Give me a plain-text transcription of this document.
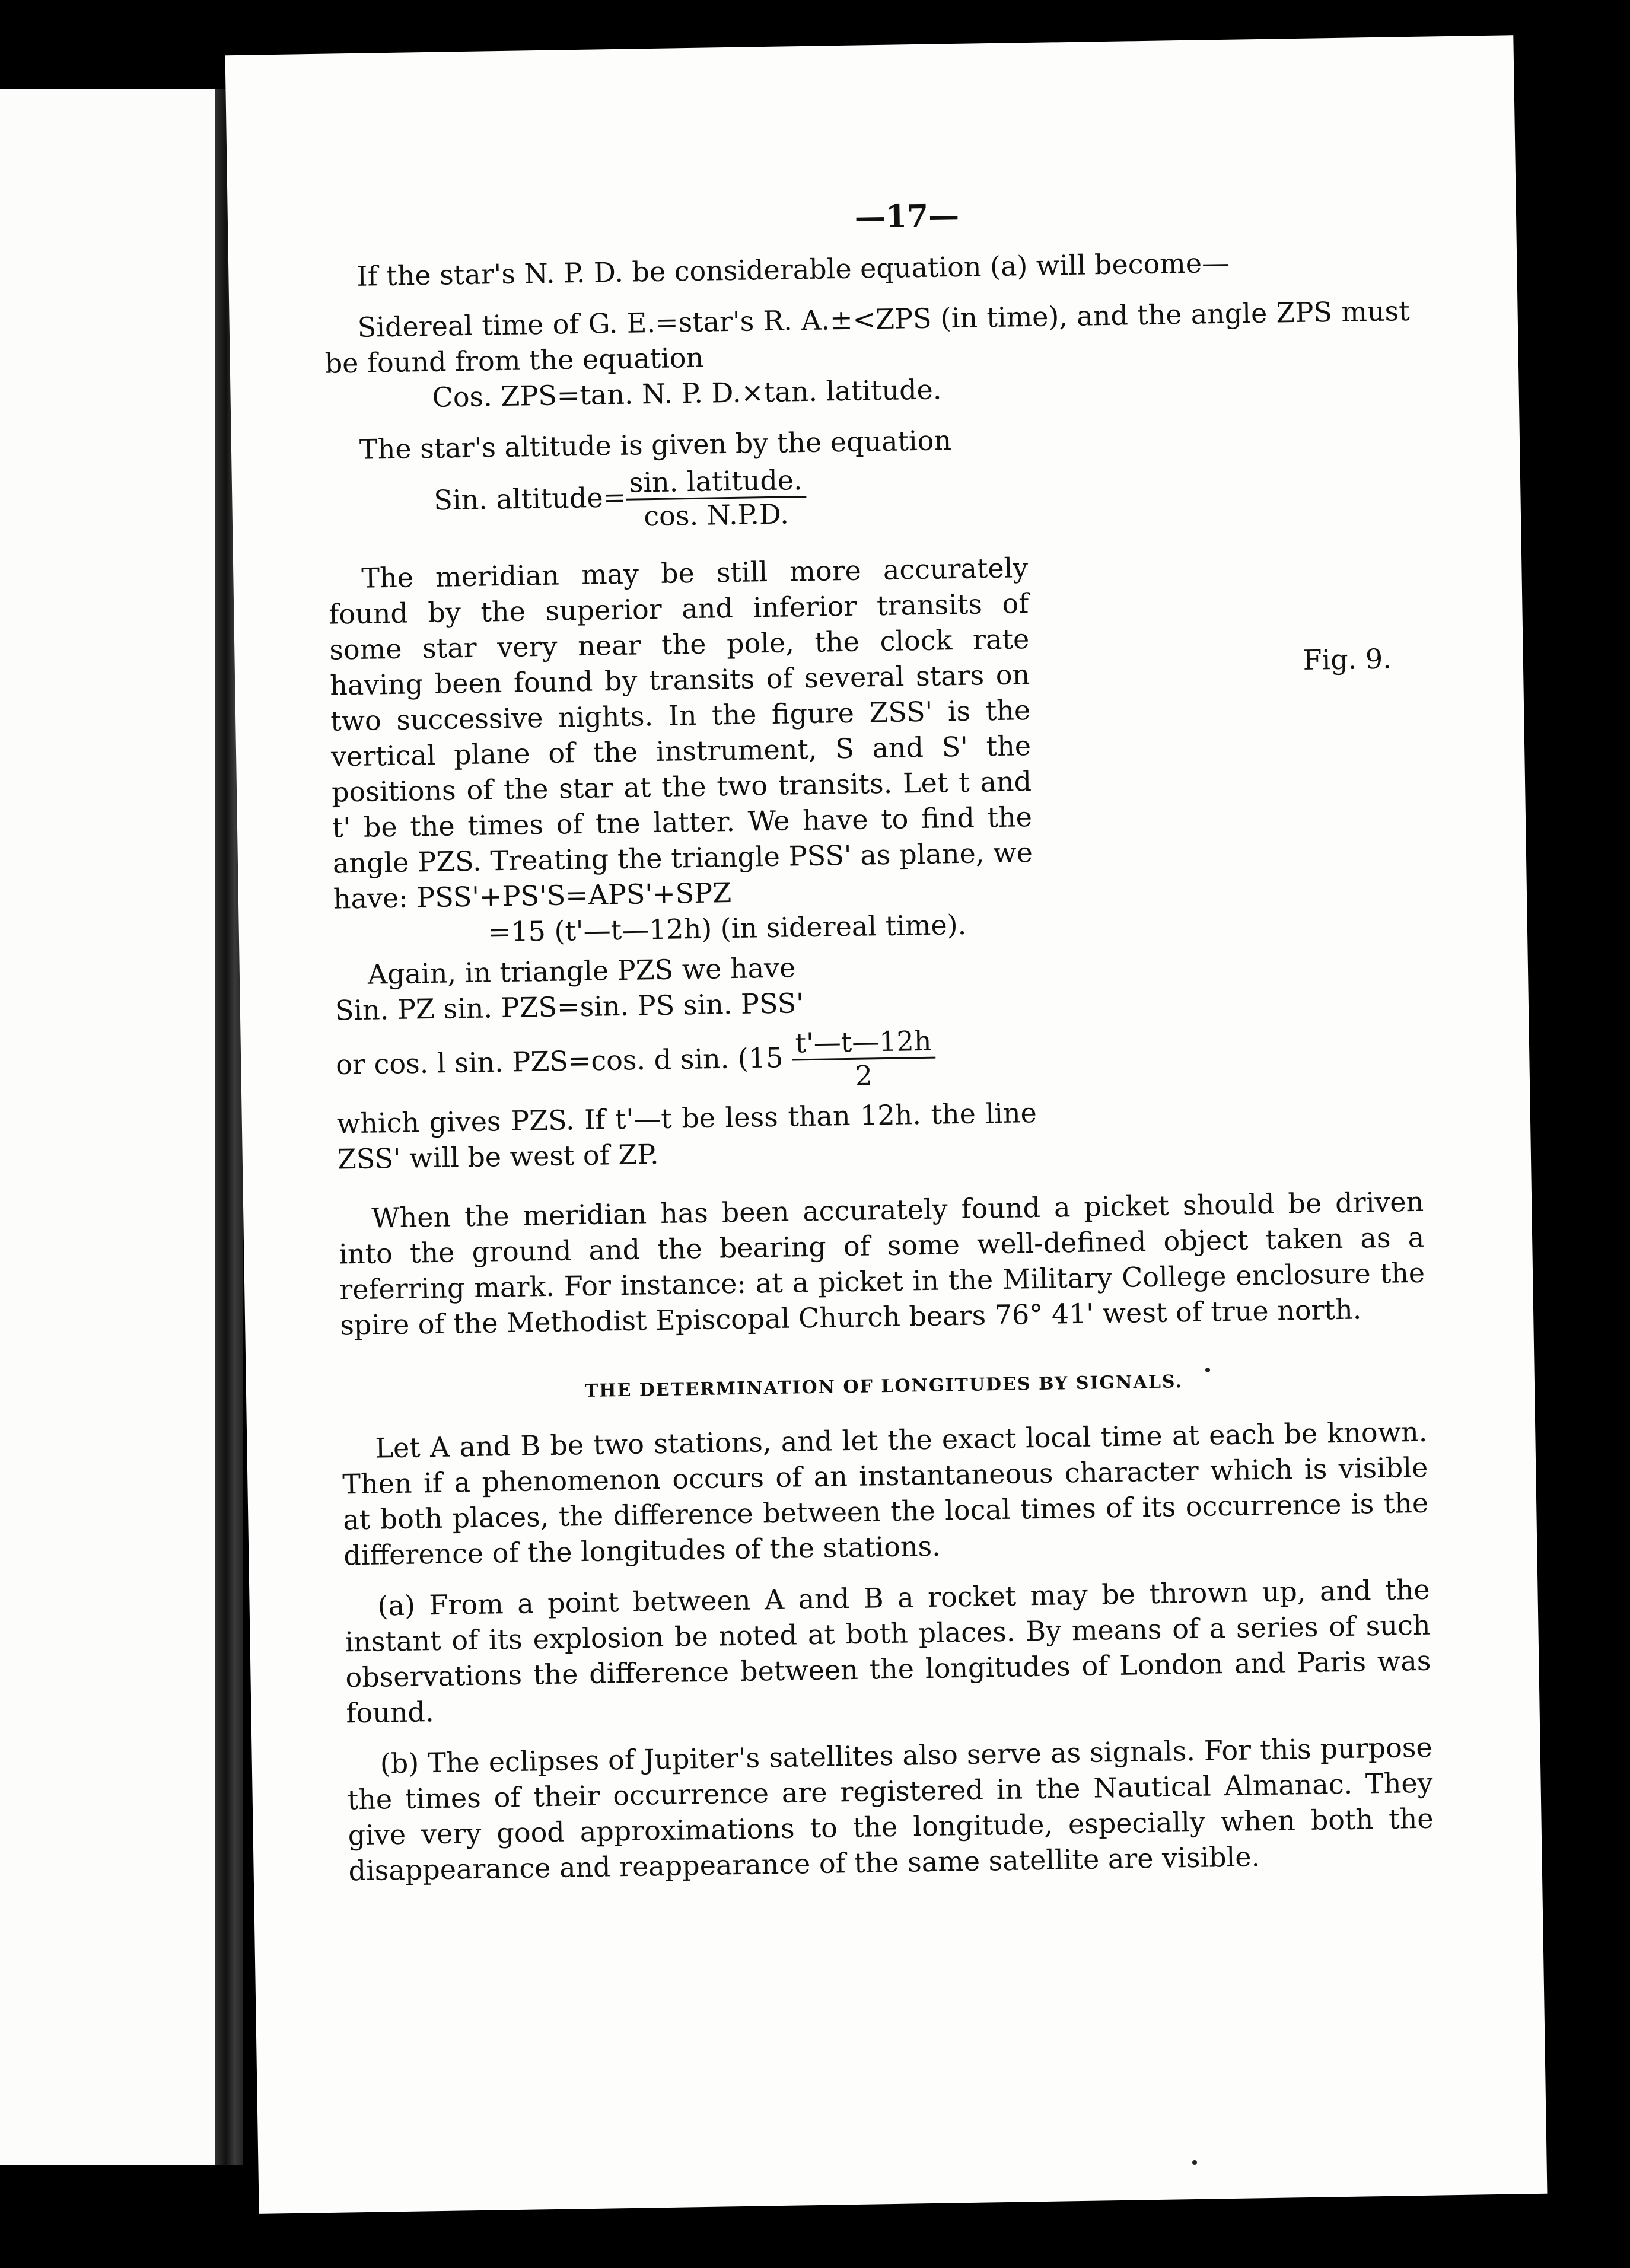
—17—

If the star's N. P. D. be considerable equation (a) will become—

Sidereal time of G. E.=star's R. A.±<ZPS (in time), and the angle ZPS must be found from the equation

Cos. ZPS=tan. N. P. D.×tan. latitude.

The star's altitude is given by the equation

Sin. altitude=
$\frac{\text{sin. latitude.}}{\cos. N.P.D.}$

Fig. 9.

The meridian may be still more accurately found by the superior and inferior transits of some star very near the pole, the clock rate having been found by transits of several stars on two successive nights. In the figure ZSS' is the vertical plane of the instrument, S and S' the positions of the star at the two transits. Let t and t' be the times of tne latter. We have to find the angle PZS. Treating the triangle PSS' as plane, we have: PSS'+PS'S=APS'+SPZ

=15 (t'—t—12h) (in sidereal time).

Again, in triangle PZS we have

Sin. PZ sin. PZS=sin. PS sin. PSS'

or cos. l sin. PZS=cos. d sin. ($15 \frac{t'—t—12h}{2}$

which gives PZS. If t'—t be less than 12h. the line ZSS' will be west of ZP.

When the meridian has been accurately found a picket should be driven into the ground and the bearing of some well-defined object taken as a referring mark. For instance: at a picket in the Military College enclosure the spire of the Methodist Episcopal Church bears 76° 41' west of true north.

THE DETERMINATION OF LONGITUDES BY SIGNALS.

Let A and B be two stations, and let the exact local time at each be known. Then if a phenomenon occurs of an instantaneous character which is visible at both places, the difference between the local times of its occurrence is the difference of the longitudes of the stations.

(a) From a point between A and B a rocket may be thrown up, and the instant of its explosion be noted at both places. By means of a series of such observations the difference between the longitudes of London and Paris was found.

(b) The eclipses of Jupiter's satellites also serve as signals. For this purpose the times of their occurrence are registered in the Nautical Almanac. They give very good approximations to the longitude, especially when both the disappearance and reappearance of the same satellite are visible.
